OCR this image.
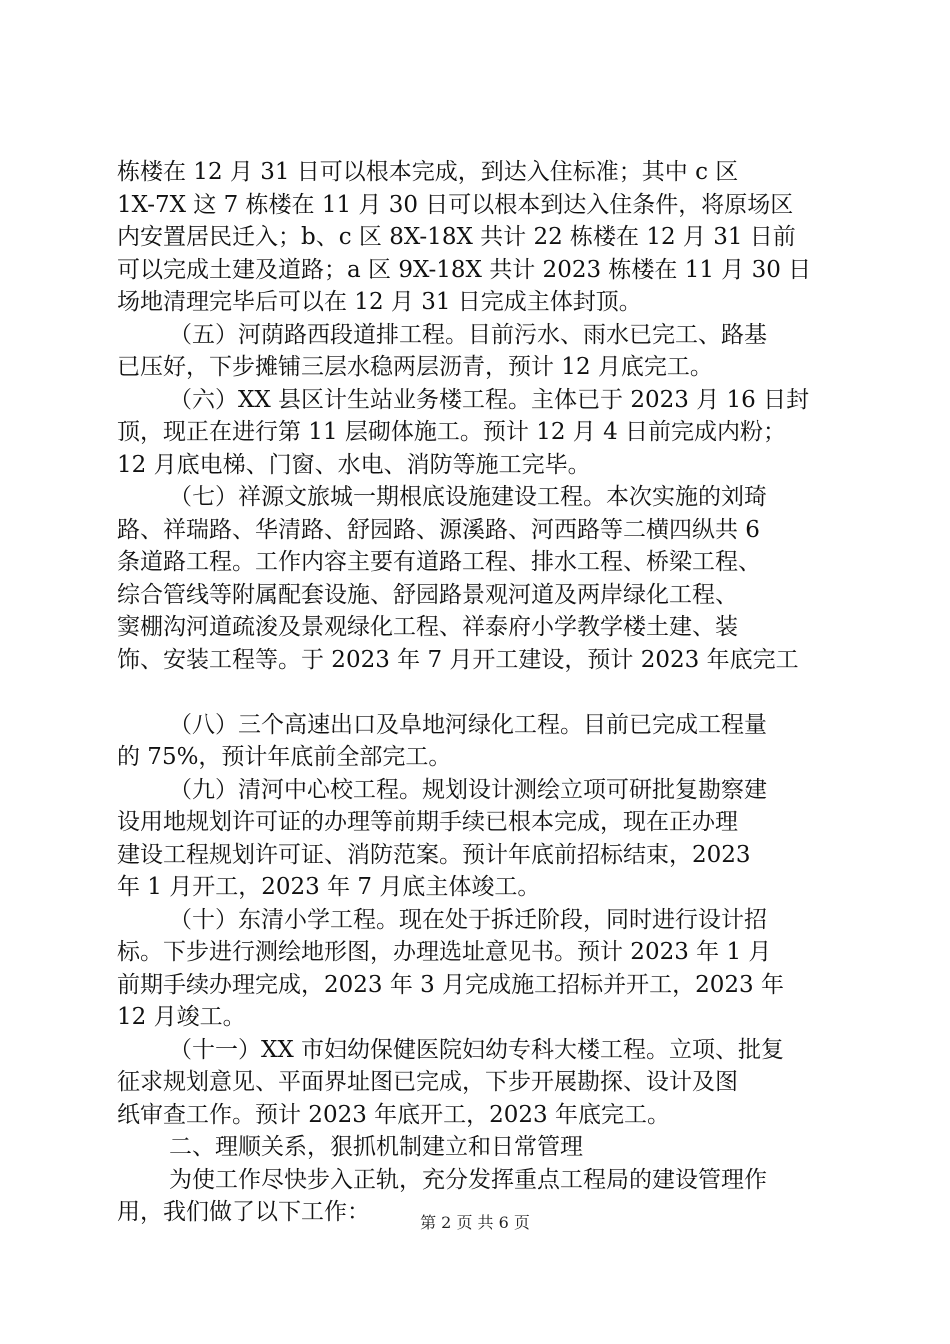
栋楼在 12 月 31 日可以根本完成，到达入住标准；其中 c 区
1X-7X 这 7 栋楼在 11 月 30 日可以根本到达入住条件，将原场区
内安置居民迁入；b、c 区 8X-18X 共计 22 栋楼在 12 月 31 日前
可以完成土建及道路；a 区 9X-18X 共计 2023 栋楼在 11 月 30 日
场地清理完毕后可以在 12 月 31 日完成主体封顶。
（五）河荫路西段道排工程。目前污水、雨水已完工、路基
已压好，下步摊铺三层水稳两层沥青，预计 12 月底完工。
（六）XX 县区计生站业务楼工程。主体已于 2023 月 16 日封
顶，现正在进行第 11 层砌体施工。预计 12 月 4 日前完成内粉；
12 月底电梯、门窗、水电、消防等施工完毕。
（七）祥源文旅城一期根底设施建设工程。本次实施的刘琦
路、祥瑞路、华清路、舒园路、源溪路、河西路等二横四纵共 6
条道路工程。工作内容主要有道路工程、排水工程、桥梁工程、
综合管线等附属配套设施、舒园路景观河道及两岸绿化工程、
窦棚沟河道疏浚及景观绿化工程、祥泰府小学教学楼土建、装
饰、安装工程等。于 2023 年 7 月开工建设，预计 2023 年底完工
（八）三个高速出口及阜地河绿化工程。目前已完成工程量
的 75%，预计年底前全部完工。
（九）清河中心校工程。规划设计测绘立项可研批复勘察建
设用地规划许可证的办理等前期手续已根本完成，现在正办理
建设工程规划许可证、消防范案。预计年底前招标结束，2023
年 1 月开工，2023 年 7 月底主体竣工。
（十）东清小学工程。现在处于拆迁阶段，同时进行设计招
标。下步进行测绘地形图，办理选址意见书。预计 2023 年 1 月
前期手续办理完成，2023 年 3 月完成施工招标并开工，2023 年
12 月竣工。
（十一）XX 市妇幼保健医院妇幼专科大楼工程。立项、批复
征求规划意见、平面界址图已完成，下步开展勘探、设计及图
纸审查工作。预计 2023 年底开工，2023 年底完工。
二、理顺关系，狠抓机制建立和日常管理
为使工作尽快步入正轨，充分发挥重点工程局的建设管理作
用，我们做了以下工作：	第 2 页 共 6 页
